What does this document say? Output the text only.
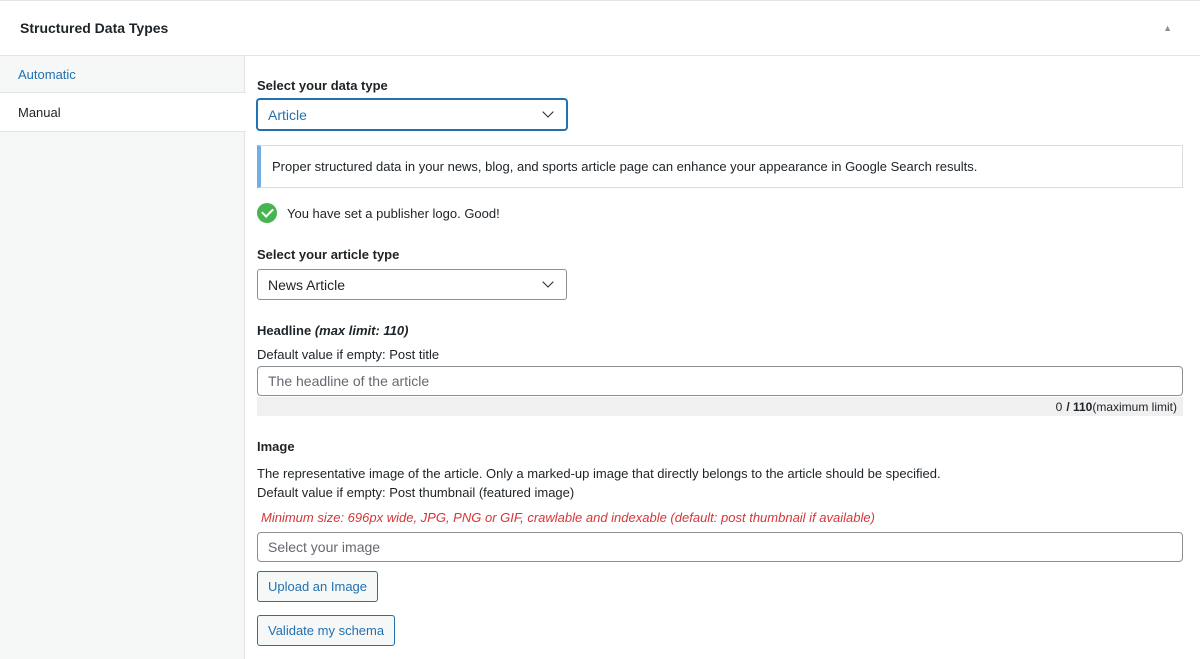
Structured Data Types	▲
Automatic
Manual
Select your data type
Article
Proper structured data in your news, blog, and sports article page can enhance your appearance in Google Search results.
You have set a publisher logo. Good!
Select your article type
News Article
Headline (max limit: 110)
Default value if empty: Post title
The headline of the article
0 / 110 (maximum limit)
Image
The representative image of the article. Only a marked-up image that directly belongs to the article should be specified.
Default value if empty: Post thumbnail (featured image)
Minimum size: 696px wide, JPG, PNG or GIF, crawlable and indexable (default: post thumbnail if available)
Select your image
Upload an Image
Validate my schema
